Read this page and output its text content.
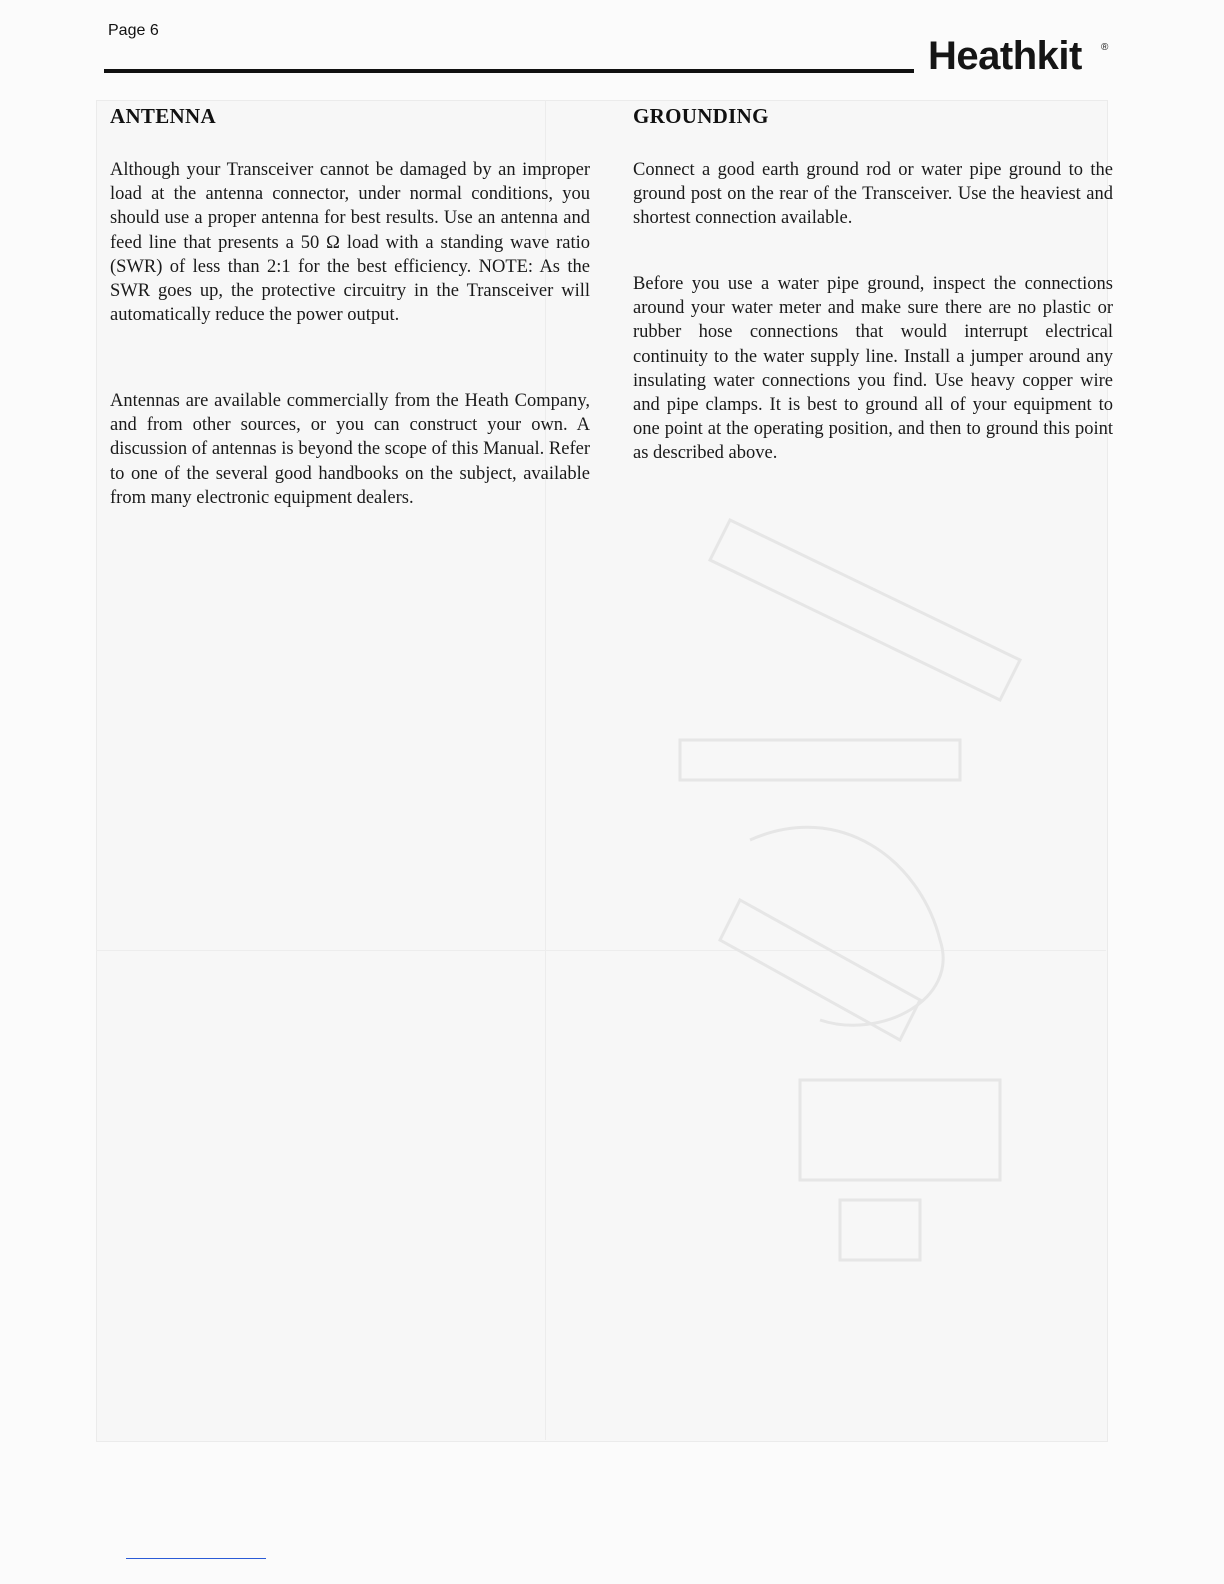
Page 6
Heathkit ®
ANTENNA

Although your Transceiver cannot be damaged by an improper load at the antenna connector, under normal conditions, you should use a proper antenna for best results. Use an antenna and feed line that presents a 50 Ω load with a standing wave ratio (SWR) of less than 2:1 for the best efficiency. NOTE: As the SWR goes up, the protective circuitry in the Transceiver will automatically reduce the power output.

Antennas are available commercially from the Heath Company, and from other sources, or you can construct your own. A discussion of antennas is beyond the scope of this Manual. Refer to one of the several good handbooks on the subject, available from many electronic equipment dealers.

GROUNDING

Connect a good earth ground rod or water pipe ground to the ground post on the rear of the Transceiver. Use the heaviest and shortest connection available.

Before you use a water pipe ground, inspect the connections around your water meter and make sure there are no plastic or rubber hose connections that would interrupt electrical continuity to the water supply line. Install a jumper around any insulating water connections you find. Use heavy copper wire and pipe clamps. It is best to ground all of your equipment to one point at the operating position, and then to ground this point as described above.
